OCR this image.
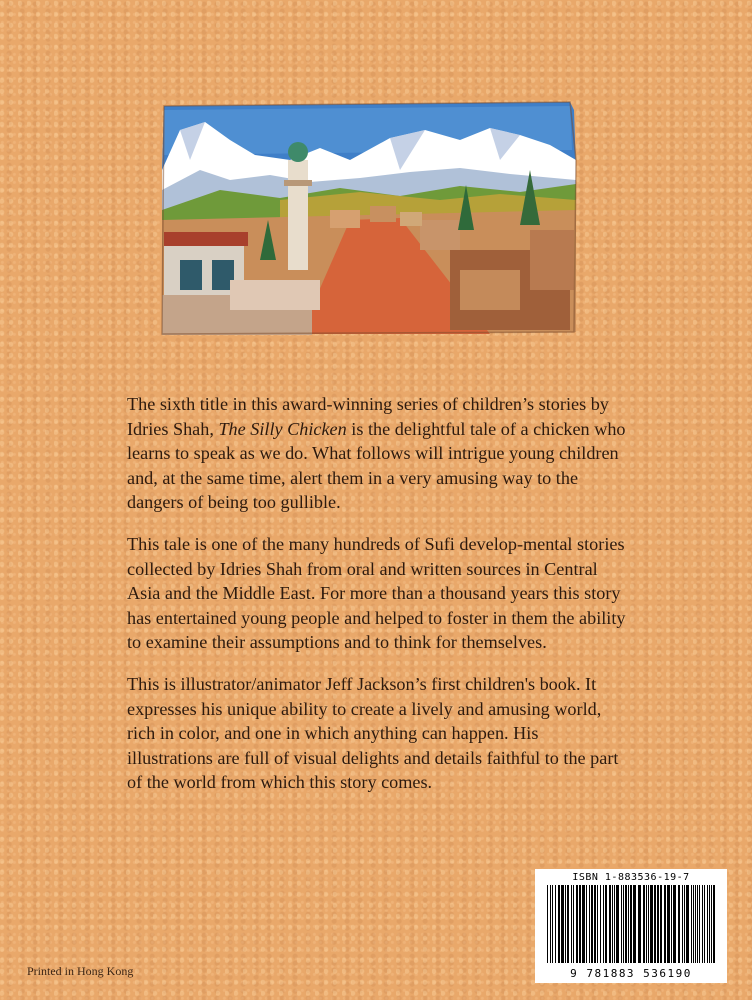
The sixth title in this award-winning series of children’s stories by Idries Shah, The Silly Chicken is the delightful tale of a chicken who learns to speak as we do. What follows will intrigue young children and, at the same time, alert them in a very amusing way to the dangers of being too gullible.

This tale is one of the many hundreds of Sufi develop-mental stories collected by Idries Shah from oral and written sources in Central Asia and the Middle East. For more than a thousand years this story has entertained young people and helped to foster in them the ability to examine their assumptions and to think for themselves.

This is illustrator/animator Jeff Jackson’s first children's book. It expresses his unique ability to create a lively and amusing world, rich in color, and one in which anything can happen. His illustrations are full of visual delights and details faithful to the part of the world from which this story comes.

ISBN 1-883536-19-7
9 781883 536190
Printed in Hong Kong
